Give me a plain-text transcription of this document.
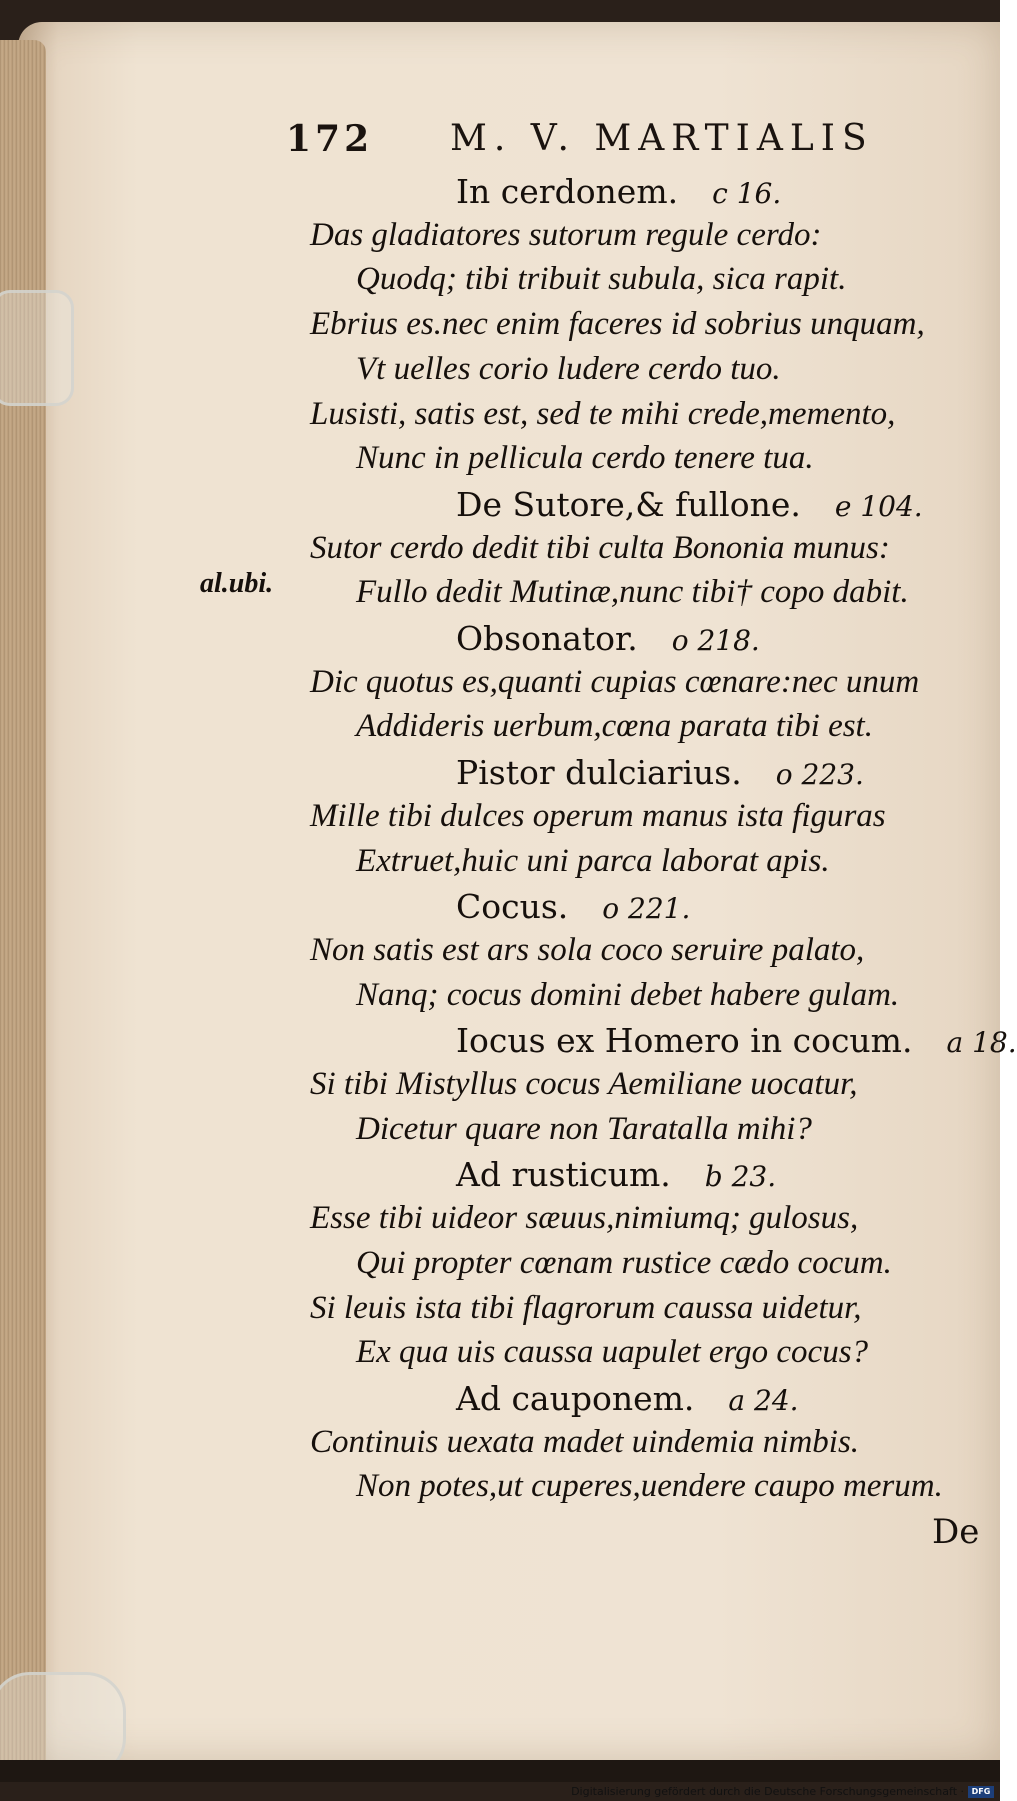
172 M. V. MARTIALIS
In cerdonem. c 16.
Das gladiatores sutorum regule cerdo:
Quodq; tibi tribuit subula, sica rapit.
Ebrius es.nec enim faceres id sobrius unquam,
Vt uelles corio ludere cerdo tuo.
Lusisti, satis est, sed te mihi crede,memento,
Nunc in pellicula cerdo tenere tua.
De Sutore,& fullone. e 104.
Sutor cerdo dedit tibi culta Bononia munus:
Fullo dedit Mutinæ,nunc tibi† copo dabit.
Obsonator. o 218.
Dic quotus es,quanti cupias cœnare:nec unum
Addideris uerbum,cœna parata tibi est.
Pistor dulciarius. o 223.
Mille tibi dulces operum manus ista figuras
Extruet,huic uni parca laborat apis.
Cocus. o 221.
Non satis est ars sola coco seruire palato,
Nanq; cocus domini debet habere gulam.
Iocus ex Homero in cocum. a 18.
Si tibi Mistyllus cocus Aemiliane uocatur,
Dicetur quare non Taratalla mihi?
Ad rusticum. b 23.
Esse tibi uideor sæuus,nimiumq; gulosus,
Qui propter cœnam rustice cædo cocum.
Si leuis ista tibi flagrorum caussa uidetur,
Ex qua uis caussa uapulet ergo cocus?
Ad cauponem. a 24.
Continuis uexata madet uindemia nimbis.
Non potes,ut cuperes,uendere caupo merum.
al.ubi.
De
Digitalisierung gefördert durch die Deutsche Forschungsgemeinschaft · DFG
